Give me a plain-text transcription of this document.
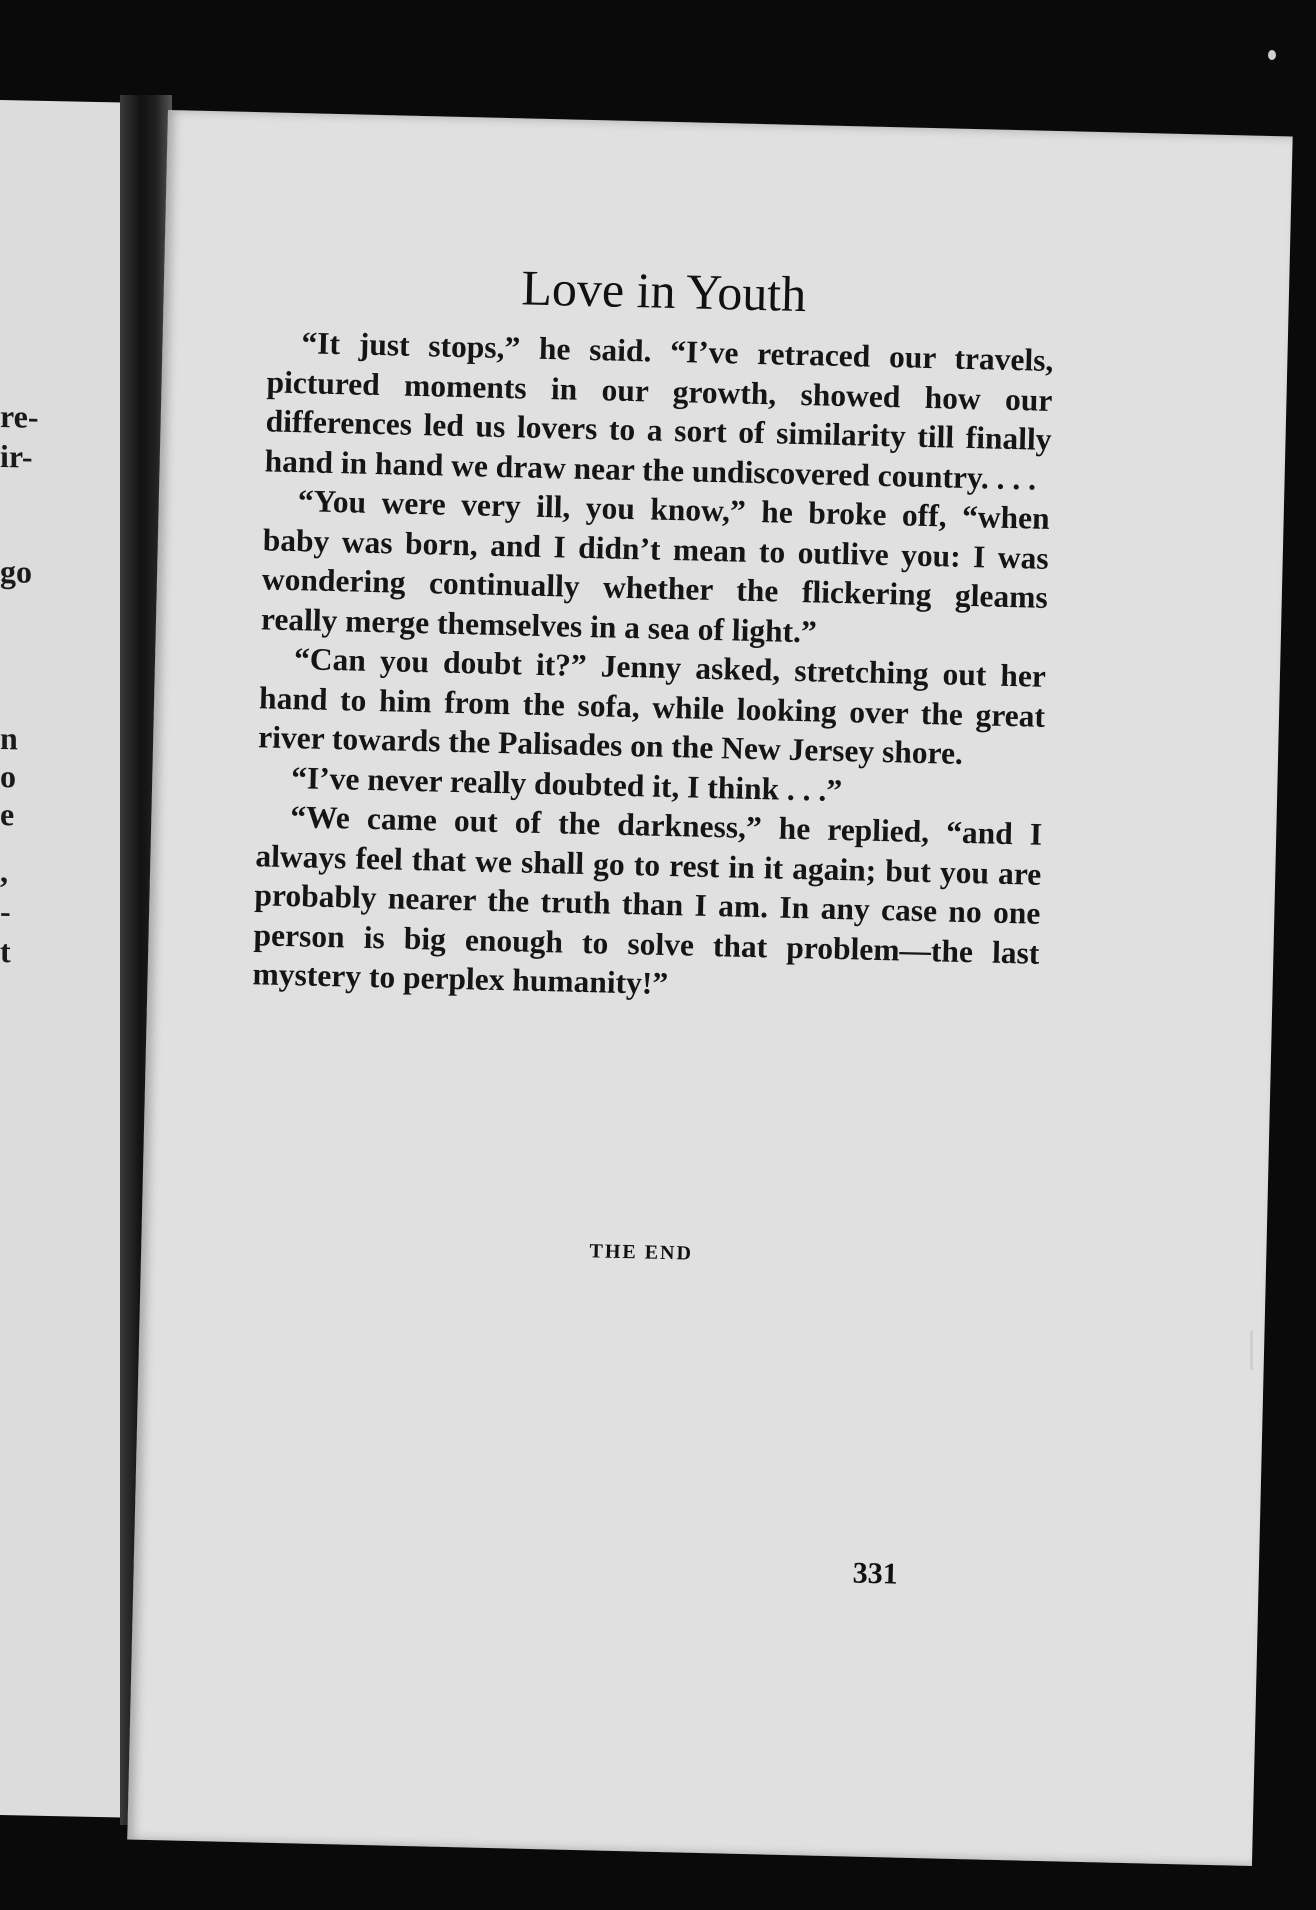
re-
ir-
go
n
o
e
,
-
t
Love in Youth

“It just stops,” he said. “I’ve retraced our travels, pictured moments in our growth, showed how our differences led us lovers to a sort of similarity till finally hand in hand we draw near the undiscovered country. . . .

“You were very ill, you know,” he broke off, “when baby was born, and I didn’t mean to outlive you: I was wondering continually whether the flickering gleams really merge themselves in a sea of light.”

“Can you doubt it?” Jenny asked, stretching out her hand to him from the sofa, while looking over the great river towards the Palisades on the New Jersey shore.

“I’ve never really doubted it, I think . . .”

“We came out of the darkness,” he replied, “and I always feel that we shall go to rest in it again; but you are probably nearer the truth than I am. In any case no one person is big enough to solve that problem—the last mystery to perplex humanity!”

THE END
331
